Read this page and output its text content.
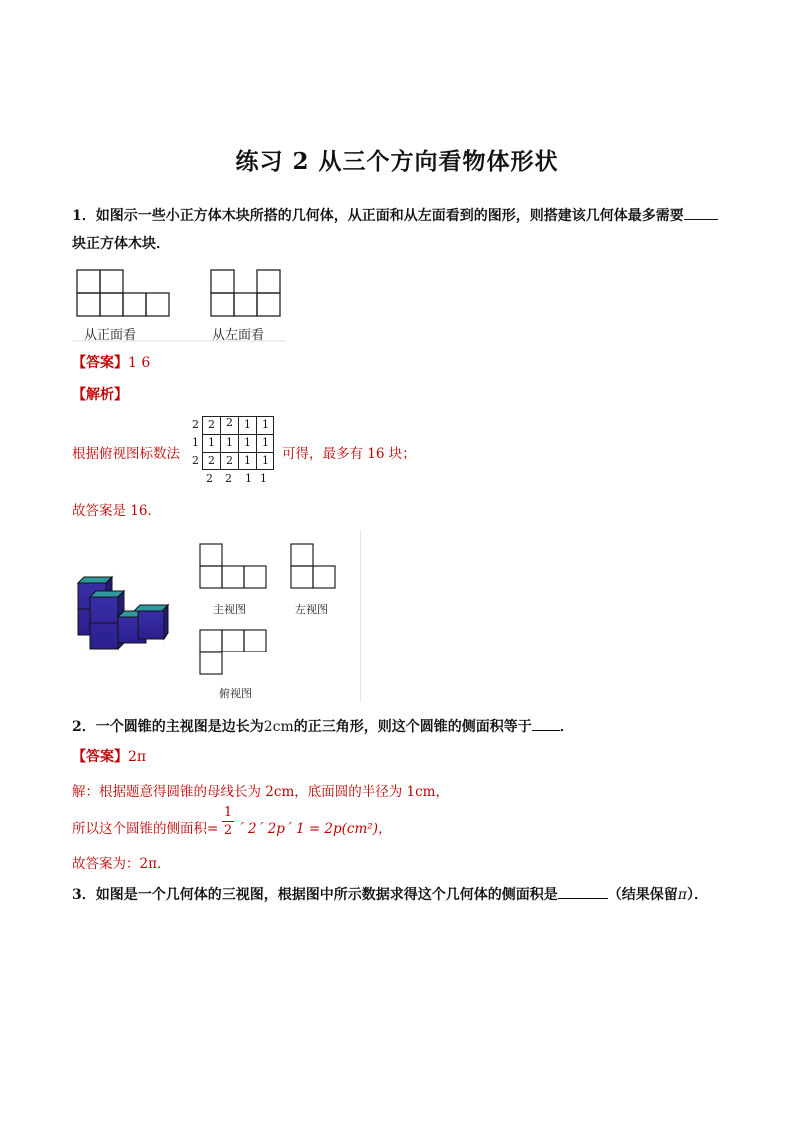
练习 2 从三个方向看物体形状
1．如图示一些小正方体木块所搭的几何体，从正面和从左面看到的图形，则搭建该几何体最多需要
块正方体木块．
从正面看	从左面看
【答案】1 6
【解析】
根据俯视图标数法
2
1
2
2 2 1 1
1 1 1 1
2 2 1 1
2 2 1 1
可得，最多有 16 块；
故答案是 16．
主视图	左视图
俯视图
2．一个圆锥的主视图是边长为2cm的正三角形，则这个圆锥的侧面积等于 ．
【答案】2π
解：根据题意得圆锥的母线长为 2cm，底面圆的半径为 1cm，
所以这个圆锥的侧面积=
1
2 ´ 2´ 2p´ 1 = 2p(cm²)，
故答案为：2π．
3．如图是一个几何体的三视图，根据图中所示数据求得这个几何体的侧面积是	（结果保留π）．
